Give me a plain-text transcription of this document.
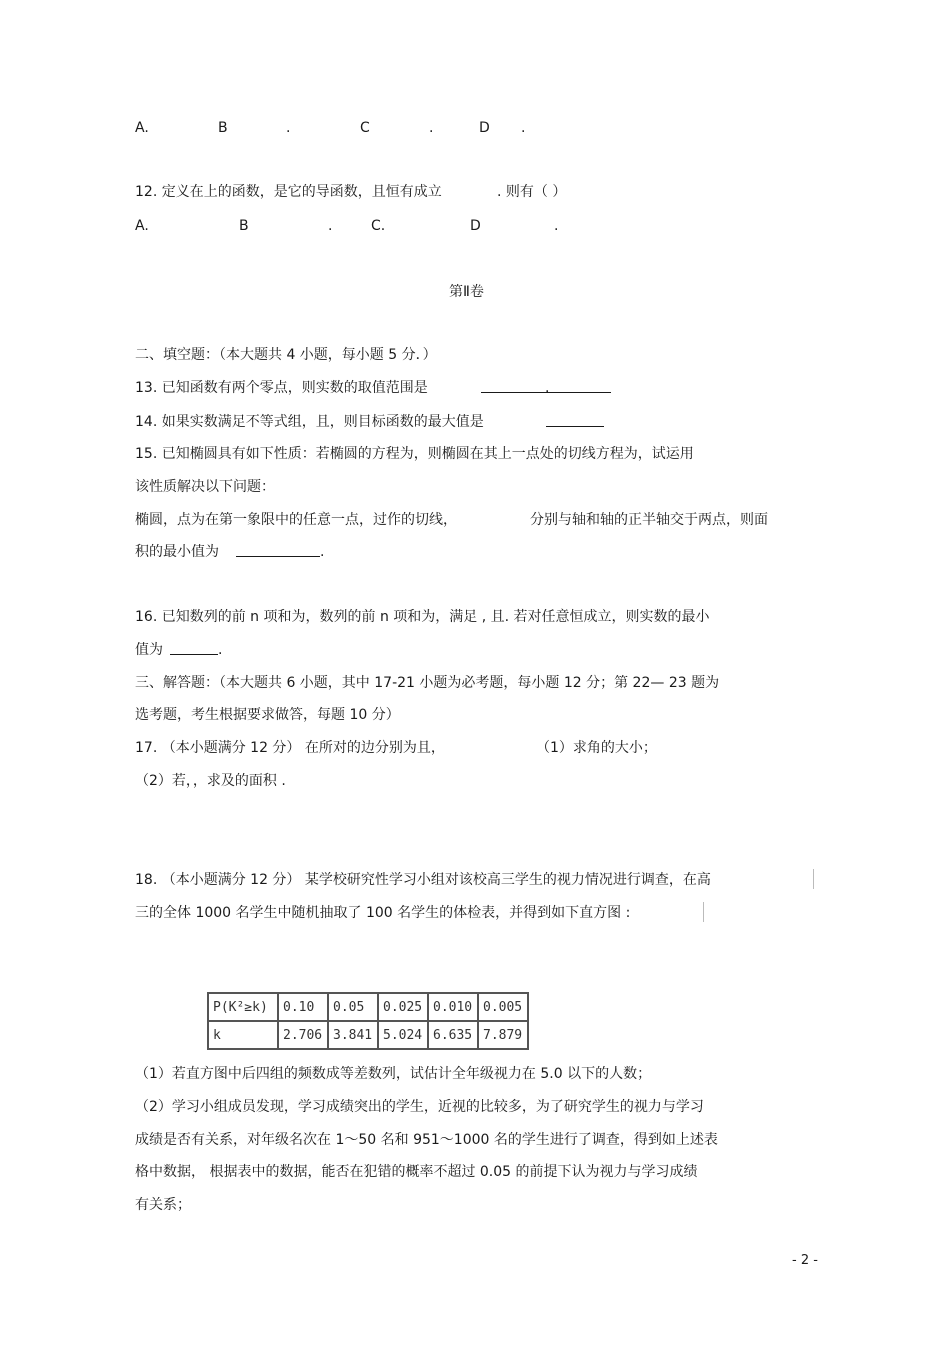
A.	B	.	C	.	D .
12. 定义在上的函数，是它的导函数，且恒有成立	. 则有（ ）
A.	B	.	C.	D	.
第Ⅱ卷
二、填空题：（本大题共 4 小题，每小题 5 分．）
13. 已知函数有两个零点，则实数的取值范围是	.
14. 如果实数满足不等式组，且，则目标函数的最大值是
15. 已知椭圆具有如下性质：若椭圆的方程为，则椭圆在其上一点处的切线方程为，试运用
该性质解决以下问题：
椭圆，点为在第一象限中的任意一点，过作的切线，	分别与轴和轴的正半轴交于两点，则面
积的最小值为	.
16. 已知数列的前 n 项和为，数列的前 n 项和为，满足 , 且. 若对任意恒成立，则实数的最小
值为	.
三、解答题：（本大题共 6 小题，其中 17-21 小题为必考题，每小题 12 分；第 22— 23 题为
选考题，考生根据要求做答，每题 10 分）
17. （本小题满分 12 分） 在所对的边分别为且，	（1）求角的大小；
（2）若，，求及的面积 .
18. （本小题满分 12 分） 某学校研究性学习小组对该校高三学生的视力情况进行调查，在高
三的全体 1000 名学生中随机抽取了 100 名学生的体检表，并得到如下直方图 :
P(K²≥k)	0.10	0.05	0.025	0.010	0.005
k	2.706	3.841	5.024	6.635	7.879
（1）若直方图中后四组的频数成等差数列，试估计全年级视力在 5.0 以下的人数；
（2）学习小组成员发现，学习成绩突出的学生，近视的比较多，为了研究学生的视力与学习
成绩是否有关系，对年级名次在 1～50 名和 951～1000 名的学生进行了调查，得到如上述表
格中数据， 根据表中的数据，能否在犯错的概率不超过 0.05 的前提下认为视力与学习成绩
有关系；
- 2 -
